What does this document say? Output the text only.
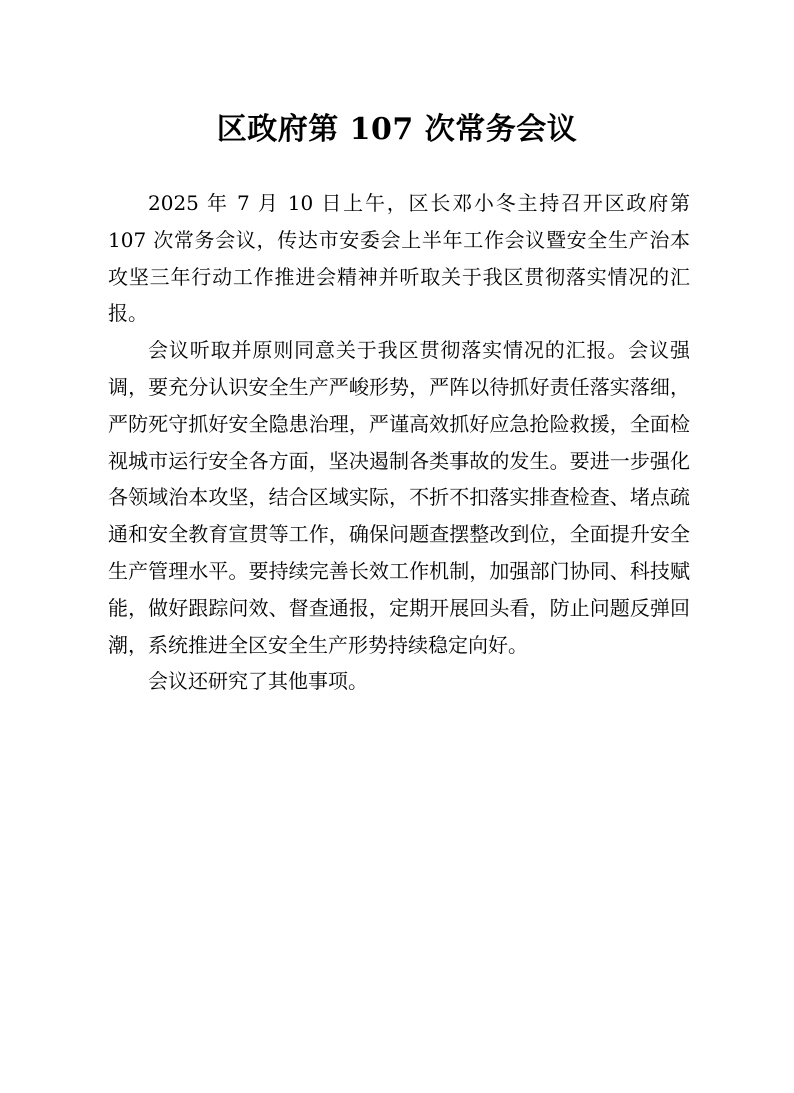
区政府第 107 次常务会议

2025 年 7 月 10 日上午，区长邓小冬主持召开区政府第 107 次常务会议，传达市安委会上半年工作会议暨安全生产治本攻坚三年行动工作推进会精神并听取关于我区贯彻落实情况的汇报。

会议听取并原则同意关于我区贯彻落实情况的汇报。会议强调，要充分认识安全生产严峻形势，严阵以待抓好责任落实落细，严防死守抓好安全隐患治理，严谨高效抓好应急抢险救援，全面检视城市运行安全各方面，坚决遏制各类事故的发生。要进一步强化各领域治本攻坚，结合区域实际，不折不扣落实排查检查、堵点疏通和安全教育宣贯等工作，确保问题查摆整改到位，全面提升安全生产管理水平。要持续完善长效工作机制，加强部门协同、科技赋能，做好跟踪问效、督查通报，定期开展回头看，防止问题反弹回潮，系统推进全区安全生产形势持续稳定向好。

会议还研究了其他事项。
